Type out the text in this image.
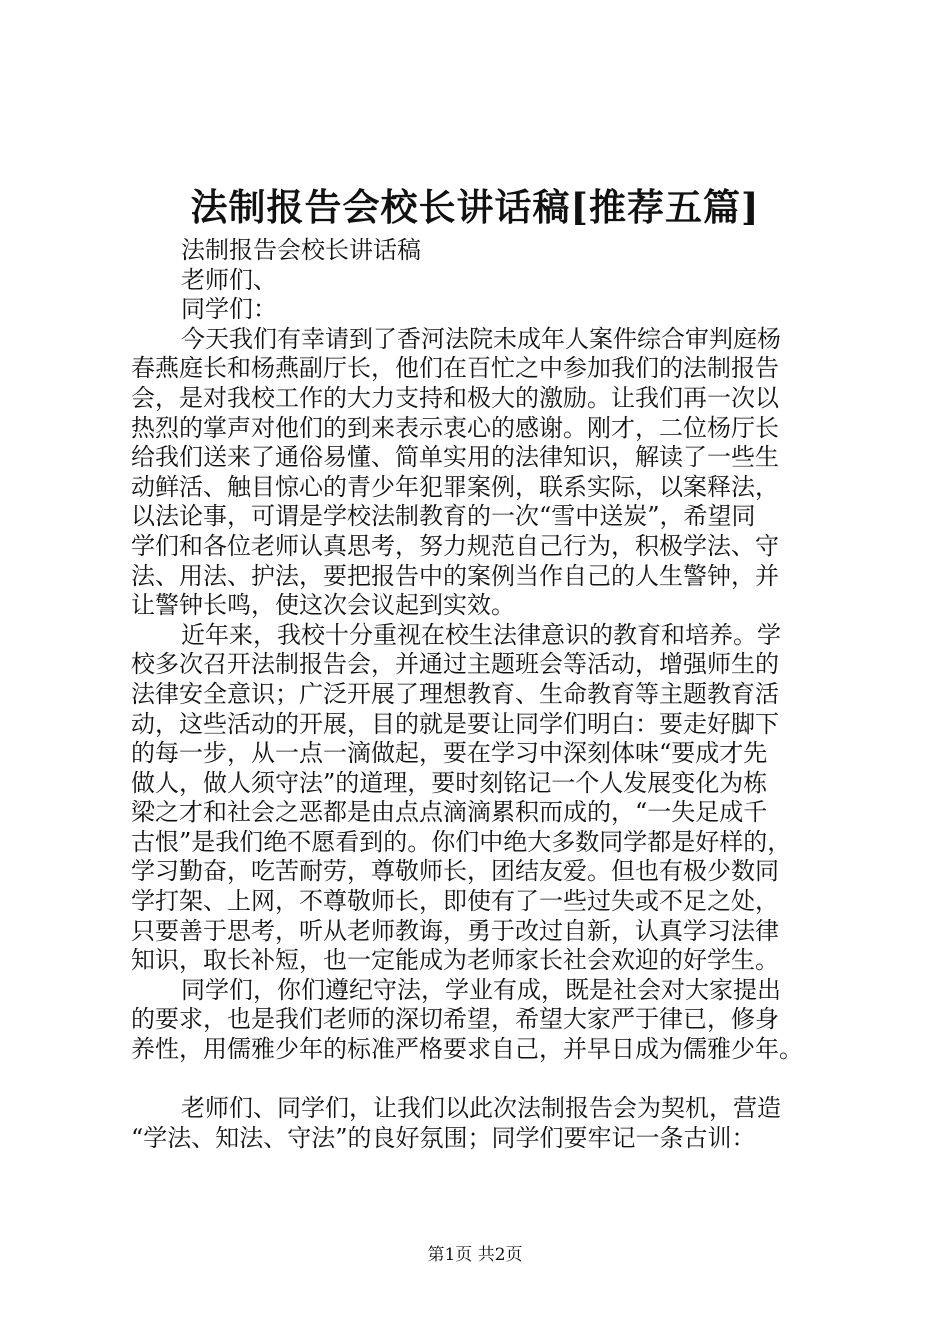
法制报告会校长讲话稿[推荐五篇]
法制报告会校长讲话稿
老师们、
同学们：
今天我们有幸请到了香河法院未成年人案件综合审判庭杨
春燕庭长和杨燕副厅长，他们在百忙之中参加我们的法制报告
会，是对我校工作的大力支持和极大的激励。让我们再一次以
热烈的掌声对他们的到来表示衷心的感谢。刚才，二位杨厅长
给我们送来了通俗易懂、简单实用的法律知识，解读了一些生
动鲜活、触目惊心的青少年犯罪案例，联系实际，以案释法，
以法论事，可谓是学校法制教育的一次“雪中送炭”，希望同
学们和各位老师认真思考，努力规范自己行为，积极学法、守
法、用法、护法，要把报告中的案例当作自己的人生警钟，并
让警钟长鸣，使这次会议起到实效。
近年来，我校十分重视在校生法律意识的教育和培养。学
校多次召开法制报告会，并通过主题班会等活动，增强师生的
法律安全意识；广泛开展了理想教育、生命教育等主题教育活
动，这些活动的开展，目的就是要让同学们明白：要走好脚下
的每一步，从一点一滴做起，要在学习中深刻体味“要成才先
做人，做人须守法”的道理，要时刻铭记一个人发展变化为栋
梁之才和社会之恶都是由点点滴滴累积而成的，“一失足成千
古恨”是我们绝不愿看到的。你们中绝大多数同学都是好样的，
学习勤奋，吃苦耐劳，尊敬师长，团结友爱。但也有极少数同
学打架、上网，不尊敬师长，即使有了一些过失或不足之处，
只要善于思考，听从老师教诲，勇于改过自新，认真学习法律
知识，取长补短，也一定能成为老师家长社会欢迎的好学生。
同学们，你们遵纪守法，学业有成，既是社会对大家提出
的要求，也是我们老师的深切希望，希望大家严于律已，修身
养性，用儒雅少年的标准严格要求自己，并早日成为儒雅少年。
老师们、同学们，让我们以此次法制报告会为契机，营造
“学法、知法、守法”的良好氛围；同学们要牢记一条古训：
第1页 共2页
